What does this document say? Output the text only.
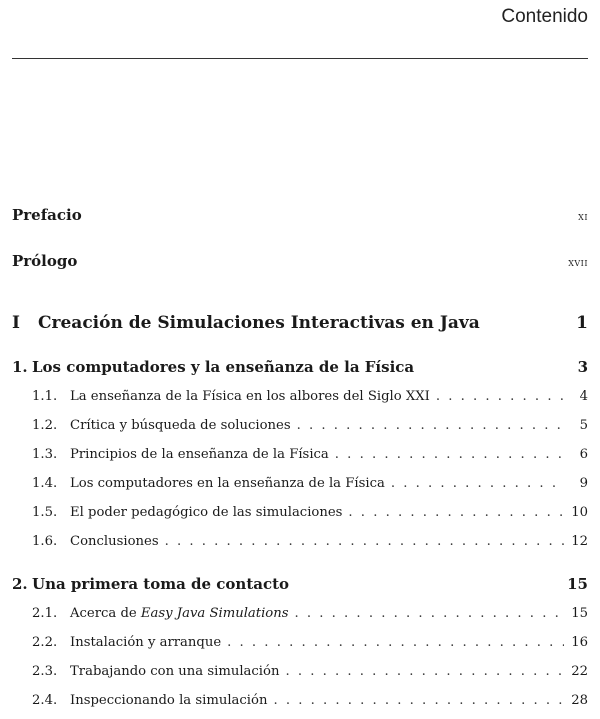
Contenido
Prefacio	xi
Prólogo	xvii
I Creación de Simulaciones Interactivas en Java	1
1. Los computadores y la enseñanza de la Física	3
1.1. La enseñanza de la Física en los albores del Siglo XXI . . .	4
1.2. Crítica y búsqueda de soluciones . . .	5
1.3. Principios de la enseñanza de la Física . . .	6
1.4. Los computadores en la enseñanza de la Física . . .	9
1.5. El poder pedagógico de las simulaciones . . .	10
1.6. Conclusiones . . .	12
2. Una primera toma de contacto	15
2.1. Acerca de Easy Java Simulations . . .	15
2.2. Instalación y arranque . . .	16
2.3. Trabajando con una simulación . . .	22
2.4. Inspeccionando la simulación . . .	28
